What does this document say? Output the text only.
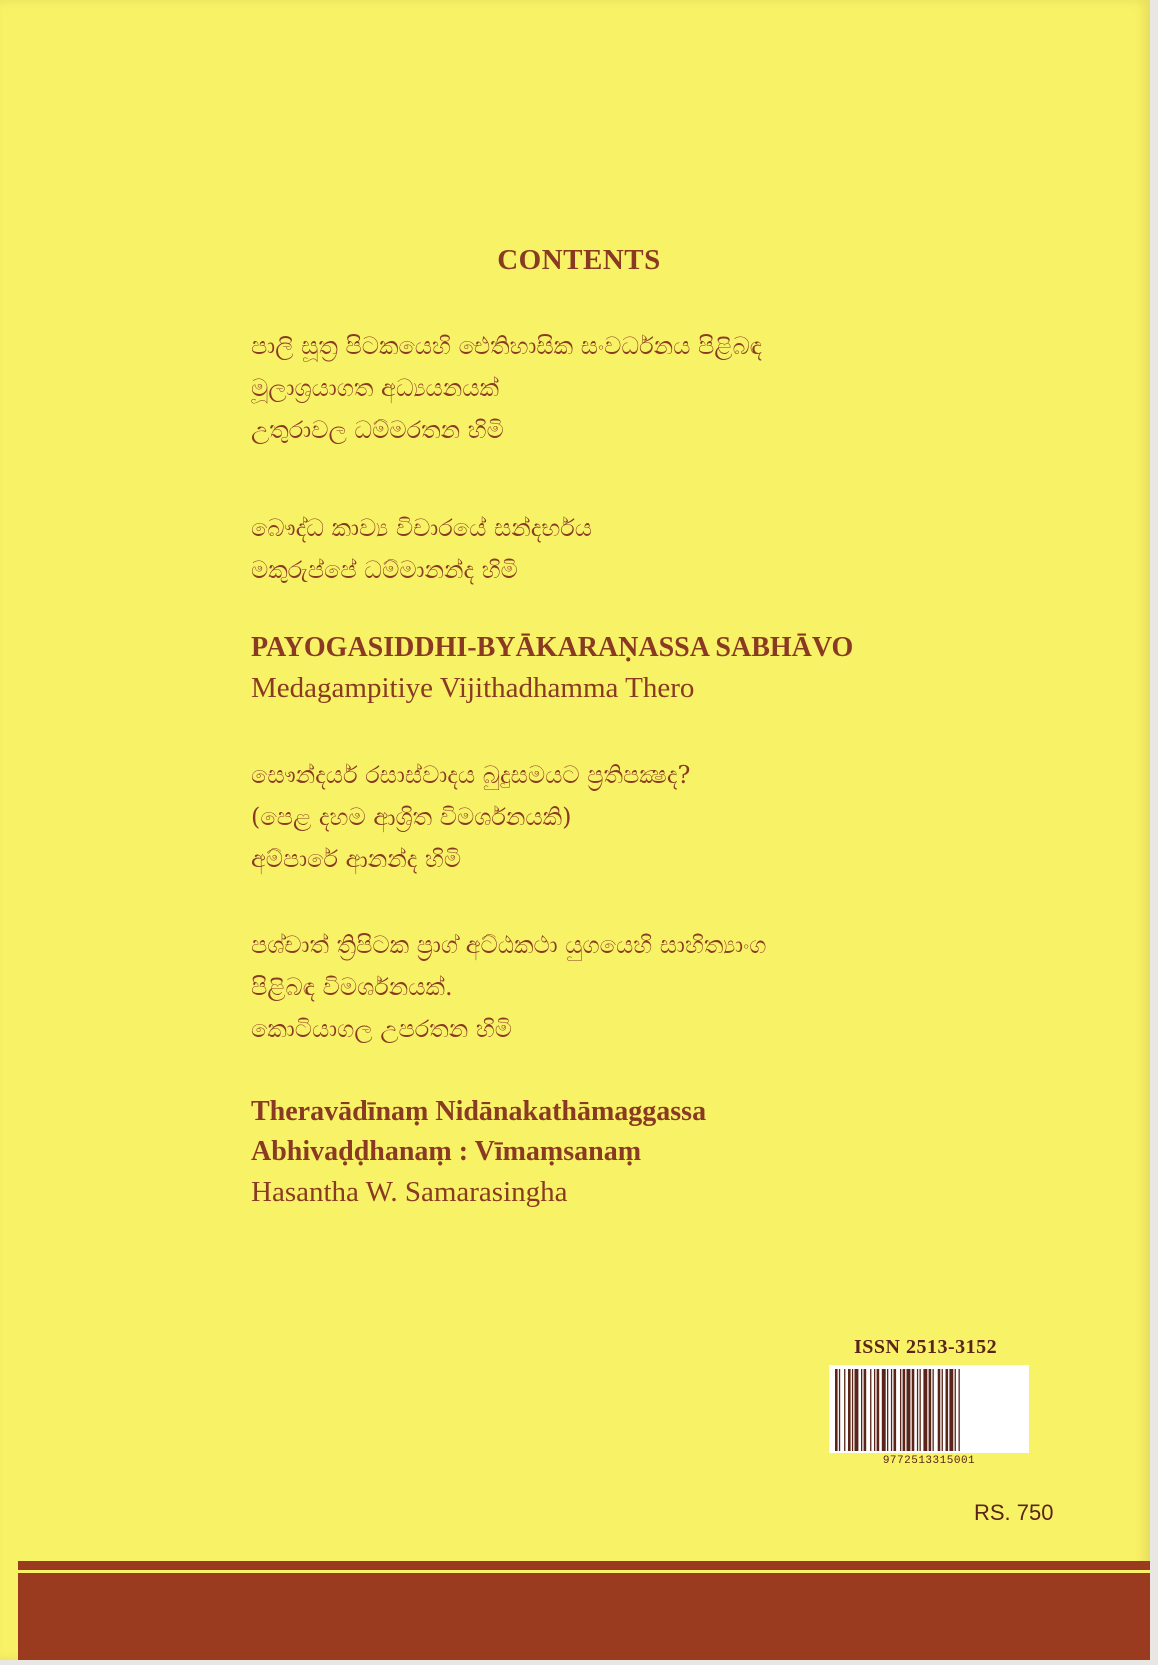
CONTENTS
පාලි සූත්‍ර පිටකයෙහි ඓතිහාසික සංවර්ධනය පිළිබඳ
මූලාශ්‍රයාගත අධ්‍යයනයක්
උතුරාවල ධම්මරතන හිමි
බෞද්ධ කාව්‍ය විචාරයේ සන්දර්භය
මකුරුප්පේ ධම්මානන්ද හිමි
PAYOGASIDDHI-BYĀKARAṆASSA SABHĀVO
Medagampitiye Vijithadhamma Thero
සෞන්දර්ය රසාස්වාදය බුදුසමයට ප්‍රතිපක්‍ෂද?
(පෙළ දහම ආශ්‍රිත විමර්ශනයකි)
අම්පාරේ ආනන්ද හිමි
පශ්චාත් ත්‍රිපිටක ප්‍රාග් අට්ඨකථා යුගයෙහි සාහිත්‍යාංග
පිළිබඳ විමර්ශනයක්.
කොටියාගල උපරතන හිමි
Theravādīnaṃ Nidānakathāmaggassa
Abhivaḍḍhanaṃ : Vīmaṃsanaṃ
Hasantha W. Samarasingha
ISSN 2513-3152
9772513315001
RS. 750
